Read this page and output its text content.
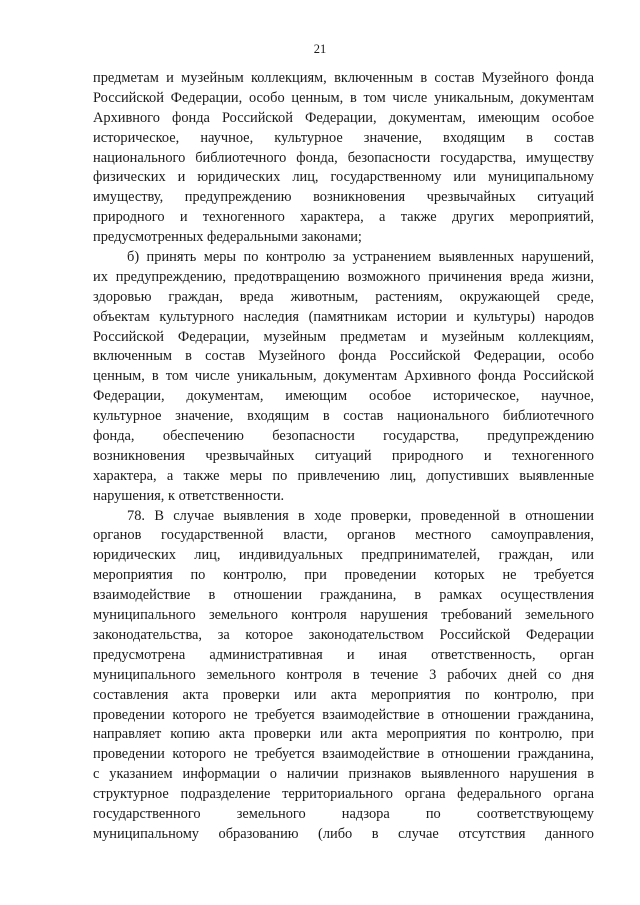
21
предметам и музейным коллекциям, включенным в состав Музейного фонда
Российской Федерации, особо ценным, в том числе уникальным, документам
Архивного фонда Российской Федерации, документам, имеющим особое
историческое, научное, культурное значение, входящим в состав
национального библиотечного фонда, безопасности государства, имуществу
физических и юридических лиц, государственному или муниципальному
имуществу, предупреждению возникновения чрезвычайных ситуаций
природного и техногенного характера, а также других мероприятий,
предусмотренных федеральными законами;
б) принять меры по контролю за устранением выявленных нарушений,
их предупреждению, предотвращению возможного причинения вреда жизни,
здоровью граждан, вреда животным, растениям, окружающей среде,
объектам культурного наследия (памятникам истории и культуры) народов
Российской Федерации, музейным предметам и музейным коллекциям,
включенным в состав Музейного фонда Российской Федерации, особо
ценным, в том числе уникальным, документам Архивного фонда Российской
Федерации, документам, имеющим особое историческое, научное,
культурное значение, входящим в состав национального библиотечного
фонда, обеспечению безопасности государства, предупреждению
возникновения чрезвычайных ситуаций природного и техногенного
характера, а также меры по привлечению лиц, допустивших выявленные
нарушения, к ответственности.
78. В случае выявления в ходе проверки, проведенной в отношении
органов государственной власти, органов местного самоуправления,
юридических лиц, индивидуальных предпринимателей, граждан, или
мероприятия по контролю, при проведении которых не требуется
взаимодействие в отношении гражданина, в рамках осуществления
муниципального земельного контроля нарушения требований земельного
законодательства, за которое законодательством Российской Федерации
предусмотрена административная и иная ответственность, орган
муниципального земельного контроля в течение 3 рабочих дней со дня
составления акта проверки или акта мероприятия по контролю, при
проведении которого не требуется взаимодействие в отношении гражданина,
направляет копию акта проверки или акта мероприятия по контролю, при
проведении которого не требуется взаимодействие в отношении гражданина,
с указанием информации о наличии признаков выявленного нарушения в
структурное подразделение территориального органа федерального органа
государственного земельного надзора по соответствующему
муниципальному образованию (либо в случае отсутствия данного
